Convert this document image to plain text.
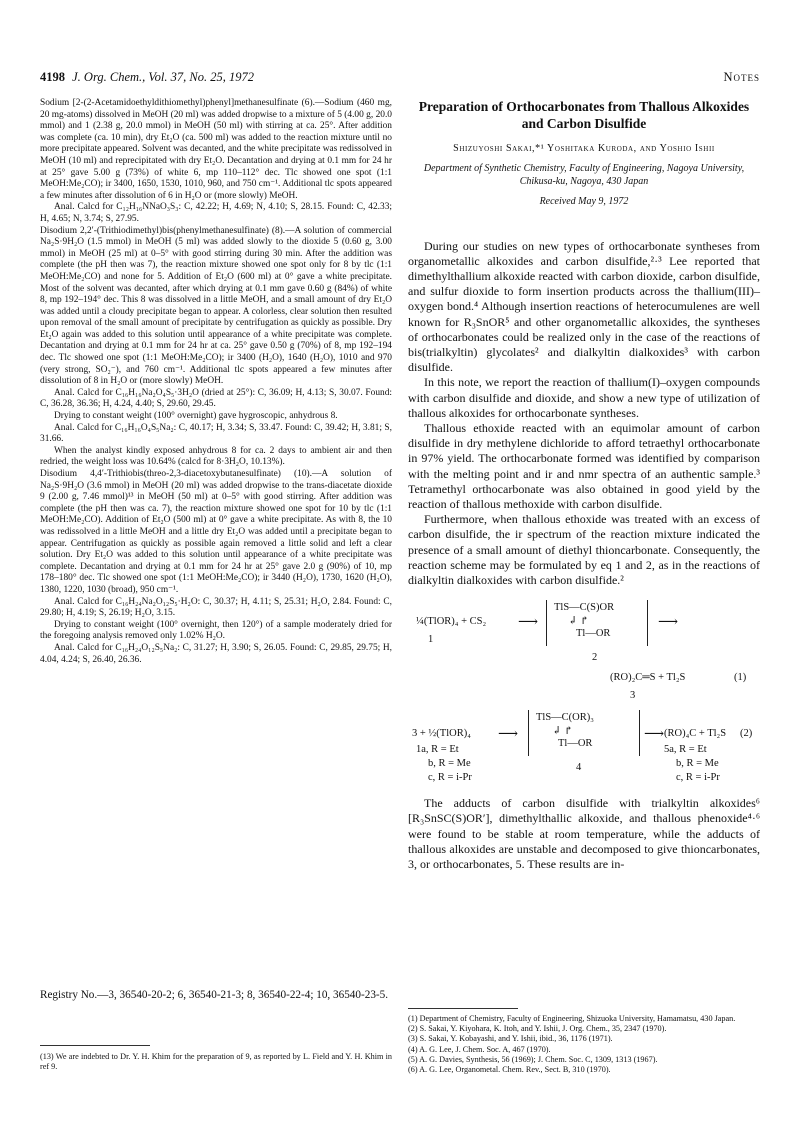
4198 J. Org. Chem., Vol. 37, No. 25, 1972	Notes

Sodium [2-(2-Acetamidoethyldithiomethyl)phenyl]methanesulfinate (6).—Sodium (460 mg, 20 mg-atoms) dissolved in MeOH (20 ml) was added dropwise to a mixture of 5 (4.00 g, 20.0 mmol) and 1 (2.38 g, 20.0 mmol) in MeOH (50 ml) with stirring at ca. 25°. After addition was complete (ca. 10 min), dry Et₂O (ca. 500 ml) was added to the reaction mixture until no more precipitate appeared. Solvent was decanted, and the white precipitate was redissolved in MeOH (10 ml) and reprecipitated with dry Et₂O. Decantation and drying at 0.1 mm for 24 hr at 25° gave 5.00 g (73%) of white 6, mp 110–112° dec. Tlc showed one spot (1:1 MeOH:Me₂CO); ir 3400, 1650, 1530, 1010, 960, and 750 cm⁻¹. Additional tlc spots appeared a few minutes after dissolution of 6 in H₂O or (more slowly) MeOH.

Anal. Calcd for C₁₂H₁₆NNaO₃S₃: C, 42.22; H, 4.69; N, 4.10; S, 28.15. Found: C, 42.33; H, 4.65; N, 3.74; S, 27.95.

Disodium 2,2′-(Trithiodimethyl)bis(phenylmethanesulfinate) (8).—A solution of commercial Na₂S·9H₂O (1.5 mmol) in MeOH (5 ml) was added slowly to the dioxide 5 (0.60 g, 3.00 mmol) in MeOH (25 ml) at 0–5° with good stirring during 30 min. After the addition was complete (the pH then was 7), the reaction mixture showed one spot only for 8 by tlc (1:1 MeOH:Me₂CO) and none for 5. Addition of Et₂O (600 ml) at 0° gave a white precipitate. Most of the solvent was decanted, after which drying at 0.1 mm gave 0.60 g (84%) of white 8, mp 192–194° dec. This 8 was dissolved in a little MeOH, and a small amount of dry Et₂O was added until a cloudy precipitate began to appear. A colorless, clear solution then resulted upon removal of the small amount of precipitate by centrifugation as quickly as possible. Dry Et₂O again was added to this solution until appearance of a white precipitate was complete. Decantation and drying at 0.1 mm for 24 hr at ca. 25° gave 0.50 g (70%) of 8, mp 192–194 dec. Tlc showed one spot (1:1 MeOH:Me₂CO); ir 3400 (H₂O), 1640 (H₂O), 1010 and 970 (very strong, SO₂⁻), and 760 cm⁻¹. Additional tlc spots appeared a few minutes after dissolution of 8 in H₂O or (more slowly) MeOH.

Anal. Calcd for C₁₆H₁₆Na₂O₄S₅·3H₂O (dried at 25°): C, 36.09; H, 4.13; S, 30.07. Found: C, 36.28, 36.36; H, 4.24, 4.40; S, 29.60, 29.45.

Drying to constant weight (100° overnight) gave hygroscopic, anhydrous 8.

Anal. Calcd for C₁₆H₁₆O₄S₅Na₂: C, 40.17; H, 3.34; S, 33.47. Found: C, 39.42; H, 3.81; S, 31.66.

When the analyst kindly exposed anhydrous 8 for ca. 2 days to ambient air and then redried, the weight loss was 10.64% (calcd for 8·3H₂O, 10.13%).

Disodium 4,4′-Trithiobis(threo-2,3-diacetoxybutanesulfinate) (10).—A solution of Na₂S·9H₂O (3.6 mmol) in MeOH (20 ml) was added dropwise to the trans-diacetate dioxide 9 (2.00 g, 7.46 mmol)¹³ in MeOH (50 ml) at 0–5° with good stirring. After addition was complete (the pH then was ca. 7), the reaction mixture showed one spot for 10 by tlc (1:1 MeOH:Me₂CO). Addition of Et₂O (500 ml) at 0° gave a white precipitate. As with 8, the 10 was redissolved in a little MeOH and a little dry Et₂O was added until a precipitate began to appear. Centrifugation as quickly as possible again removed a little solid and left a clear solution. Dry Et₂O was added to this solution until appearance of a white precipitate was complete. Decantation and drying at 0.1 mm for 24 hr at 25° gave 2.0 g (90%) of 10, mp 178–180° dec. Tlc showed one spot (1:1 MeOH:Me₂CO); ir 3440 (H₂O), 1730, 1620 (H₂O), 1380, 1220, 1030 (broad), 950 cm⁻¹.

Anal. Calcd for C₁₆H₂₄Na₂O₁₂S₅·H₂O: C, 30.37; H, 4.11; S, 25.31; H₂O, 2.84. Found: C, 29.80; H, 4.19; S, 26.19; H₂O, 3.15.

Drying to constant weight (100° overnight, then 120°) of a sample moderately dried for the foregoing analysis removed only 1.02% H₂O.

Anal. Calcd for C₁₆H₂₄O₁₂S₅Na₂: C, 31.27; H, 3.90; S, 26.05. Found: C, 29.85, 29.75; H, 4.04, 4.24; S, 26.40, 26.36.

Registry No.—3, 36540-20-2; 6, 36540-21-3; 8, 36540-22-4; 10, 36540-23-5.
(13) We are indebted to Dr. Y. H. Khim for the preparation of 9, as reported by L. Field and Y. H. Khim in ref 9.
Preparation of Orthocarbonates from Thallous Alkoxides and Carbon Disulfide
Shizuyoshi Sakai,*¹ Yoshitaka Kuroda, and Yoshio Ishii
Department of Synthetic Chemistry, Faculty of Engineering, Nagoya University, Chikusa-ku, Nagoya, 430 Japan
Received May 9, 1972

During our studies on new types of orthocarbonate syntheses from organometallic alkoxides and carbon disulfide,²·³ Lee reported that dimethylthallium alkoxide reacted with carbon dioxide, carbon disulfide, and sulfur dioxide to form insertion products across the thallium(III)–oxygen bond.⁴ Although insertion reactions of heterocumulenes are well known for R₃SnOR⁵ and other organometallic alkoxides, the syntheses of orthocarbonates could be realized only in the case of the reactions of bis(trialkyltin) glycolates² and dialkyltin dialkoxides³ with carbon disulfide.

In this note, we report the reaction of thallium(I)–oxygen compounds with carbon disulfide and dioxide, and show a new type of utilization of thallous alkoxides for orthocarbonate syntheses.

Thallous ethoxide reacted with an equimolar amount of carbon disulfide in dry methylene dichloride to afford tetraethyl orthocarbonate in 97% yield. The orthocarbonate formed was identified by comparison with the melting point and ir and nmr spectra of an authentic sample.³ Tetramethyl orthocarbonate was also obtained in good yield by the reaction of thallous methoxide with carbon disulfide.

Furthermore, when thallous ethoxide was treated with an excess of carbon disulfide, the ir spectrum of the reaction mixture indicated the presence of a small amount of diethyl thioncarbonate. Consequently, the reaction scheme may be formulated by eq 1 and 2, as in the reactions of dialkyltin dialkoxides with carbon disulfide.²

¼(TlOR)₄ + CS₂
1
⟶
TlS—C(S)OR
↲ ↱
Tl—OR
2
⟶
(RO)₂C═S + Tl₂S	(1)
3
3 + ½(TlOR)₄ ⟶
TlS—C(OR)₃
↲ ↱
Tl—OR
4
⟶ (RO)₄C + Tl₂S (2)
1a, R = Et
b, R = Me
c, R = i-Pr
5a, R = Et
b, R = Me
c, R = i-Pr

The adducts of carbon disulfide with trialkyltin alkoxides⁶ [R₃SnSC(S)OR′], dimethylthallic alkoxide, and thallous phenoxide⁴·⁶ were found to be stable at room temperature, while the adducts of thallous alkoxides are unstable and decomposed to give thioncarbonates, 3, or orthocarbonates, 5. These results are in-

(1) Department of Chemistry, Faculty of Engineering, Shizuoka University, Hamamatsu, 430 Japan.
(2) S. Sakai, Y. Kiyohara, K. Itoh, and Y. Ishii, J. Org. Chem., 35, 2347 (1970).
(3) S. Sakai, Y. Kobayashi, and Y. Ishii, ibid., 36, 1176 (1971).
(4) A. G. Lee, J. Chem. Soc. A, 467 (1970).
(5) A. G. Davies, Synthesis, 56 (1969); J. Chem. Soc. C, 1309, 1313 (1967).
(6) A. G. Lee, Organometal. Chem. Rev., Sect. B, 310 (1970).
